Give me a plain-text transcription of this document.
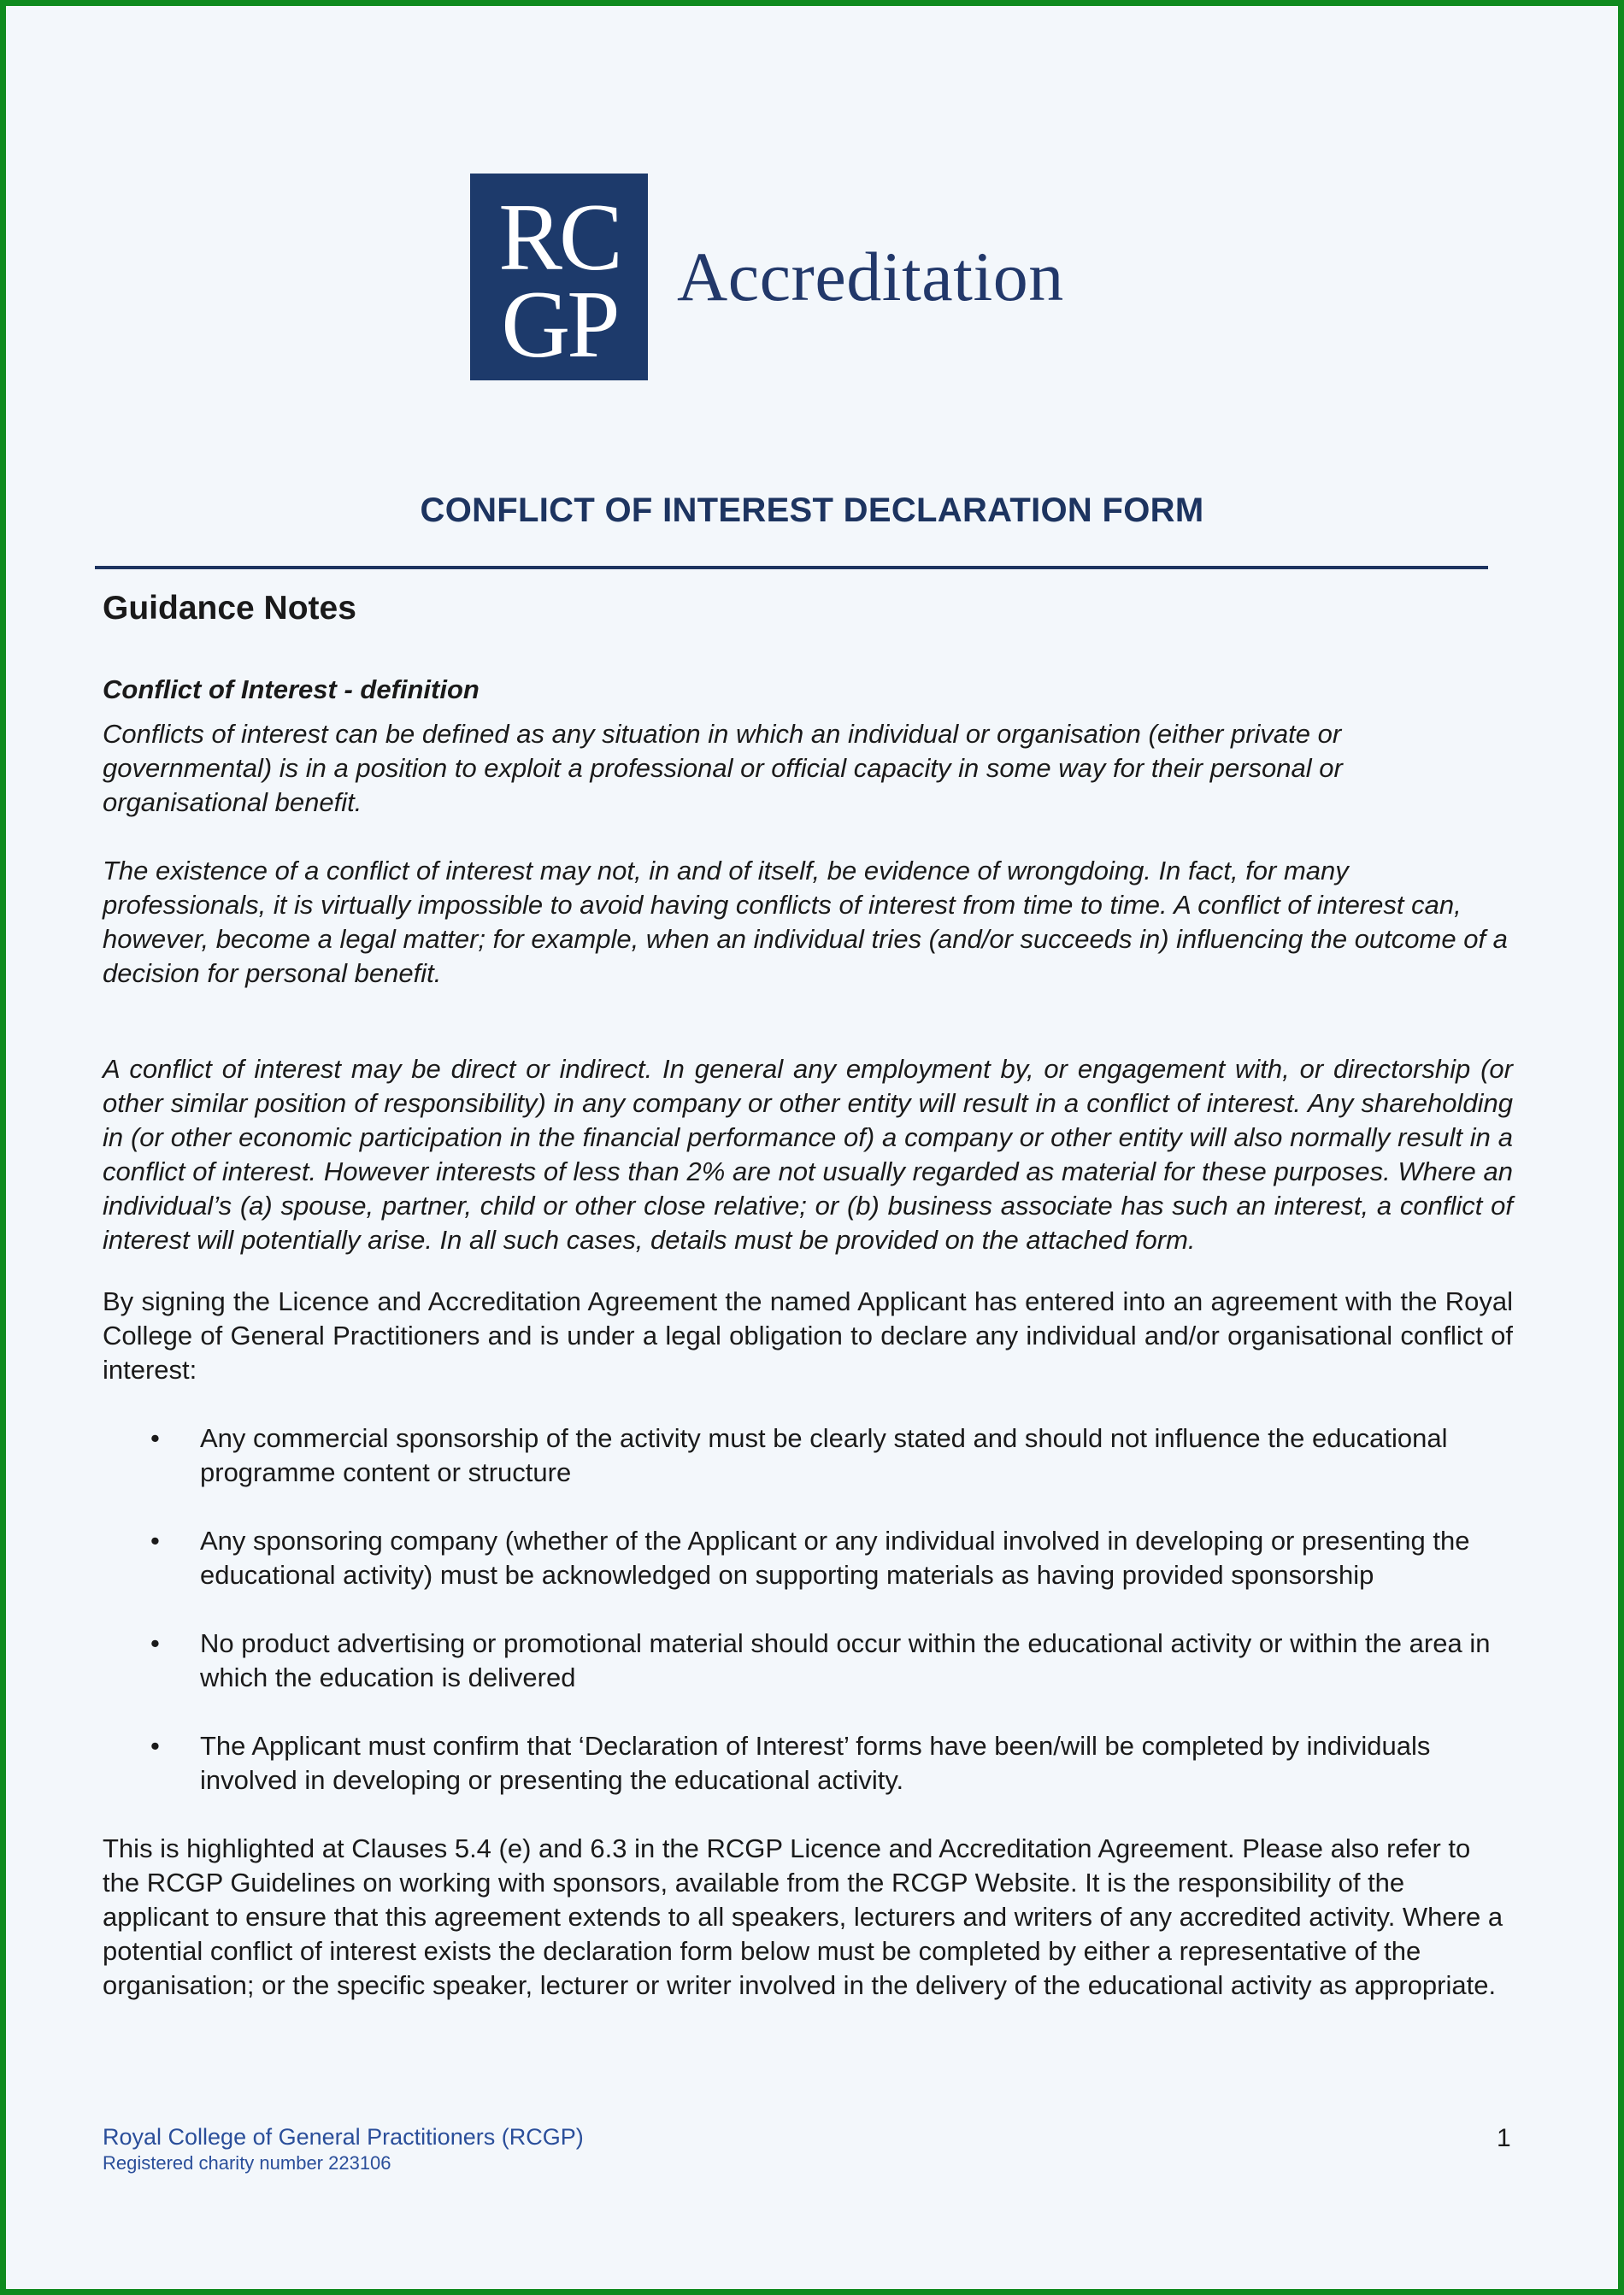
RC
GP Accreditation
CONFLICT OF INTEREST DECLARATION FORM
Guidance Notes
Conflict of Interest - definition

Conflicts of interest can be defined as any situation in which an individual or organisation (either private or governmental) is in a position to exploit a professional or official capacity in some way for their personal or organisational benefit.

The existence of a conflict of interest may not, in and of itself, be evidence of wrongdoing. In fact, for many professionals, it is virtually impossible to avoid having conflicts of interest from time to time. A conflict of interest can, however, become a legal matter; for example, when an individual tries (and/or succeeds in) influencing the outcome of a decision for personal benefit.

A conflict of interest may be direct or indirect. In general any employment by, or engagement with, or directorship (or other similar position of responsibility) in any company or other entity will result in a conflict of interest. Any shareholding in (or other economic participation in the financial performance of) a company or other entity will also normally result in a conflict of interest. However interests of less than 2% are not usually regarded as material for these purposes. Where an individual’s (a) spouse, partner, child or other close relative; or (b) business associate has such an interest, a conflict of interest will potentially arise. In all such cases, details must be provided on the attached form.

By signing the Licence and Accreditation Agreement the named Applicant has entered into an agreement with the Royal College of General Practitioners and is under a legal obligation to declare any individual and/or organisational conflict of interest:

• Any commercial sponsorship of the activity must be clearly stated and should not influence the educational programme content or structure
• Any sponsoring company (whether of the Applicant or any individual involved in developing or presenting the educational activity) must be acknowledged on supporting materials as having provided sponsorship
• No product advertising or promotional material should occur within the educational activity or within the area in which the education is delivered
• The Applicant must confirm that ‘Declaration of Interest’ forms have been/will be completed by individuals involved in developing or presenting the educational activity.

This is highlighted at Clauses 5.4 (e) and 6.3 in the RCGP Licence and Accreditation Agreement. Please also refer to the RCGP Guidelines on working with sponsors, available from the RCGP Website. It is the responsibility of the applicant to ensure that this agreement extends to all speakers, lecturers and writers of any accredited activity. Where a potential conflict of interest exists the declaration form below must be completed by either a representative of the organisation; or the specific speaker, lecturer or writer involved in the delivery of the educational activity as appropriate.

Royal College of General Practitioners (RCGP)
Registered charity number 223106
1
